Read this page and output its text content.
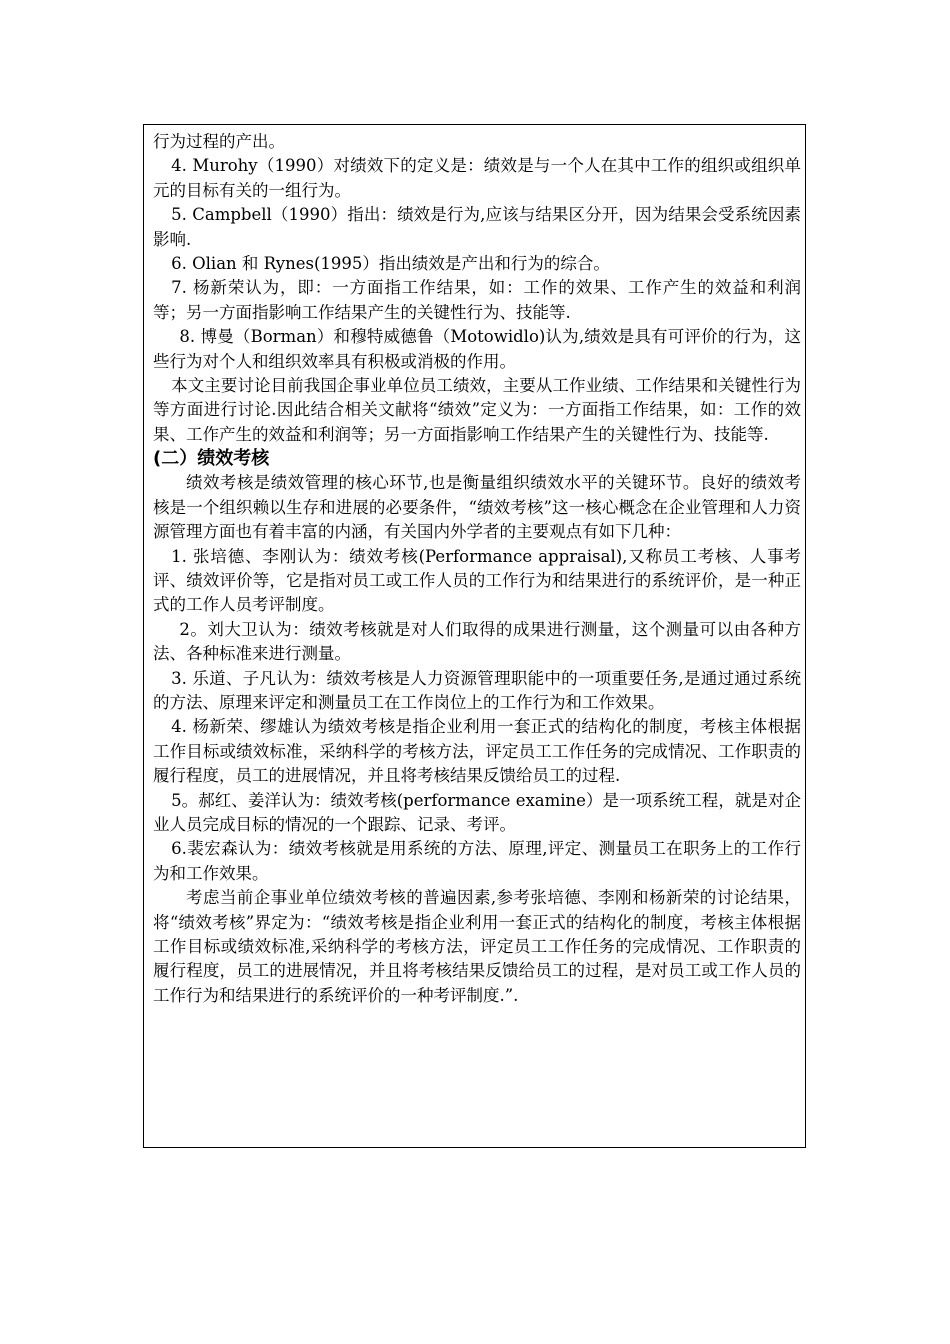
行为过程的产出。

4. Murohy（1990）对绩效下的定义是：绩效是与一个人在其中工作的组织或组织单元的目标有关的一组行为。

5. Campbell（1990）指出：绩效是行为,应该与结果区分开，因为结果会受系统因素影响.

6. Olian 和 Rynes(1995）指出绩效是产出和行为的综合。

7. 杨新荣认为，即：一方面指工作结果，如：工作的效果、工作产生的效益和利润等；另一方面指影响工作结果产生的关键性行为、技能等.

8. 博曼（Borman）和穆特威德鲁（Motowidlo)认为,绩效是具有可评价的行为，这些行为对个人和组织效率具有积极或消极的作用。

本文主要讨论目前我国企事业单位员工绩效，主要从工作业绩、工作结果和关键性行为等方面进行讨论.因此结合相关文献将“绩效”定义为：一方面指工作结果，如：工作的效果、工作产生的效益和利润等；另一方面指影响工作结果产生的关键性行为、技能等.

(二）绩效考核

绩效考核是绩效管理的核心环节,也是衡量组织绩效水平的关键环节。良好的绩效考核是一个组织赖以生存和进展的必要条件，“绩效考核”这一核心概念在企业管理和人力资源管理方面也有着丰富的内涵，有关国内外学者的主要观点有如下几种：

1. 张培德、李刚认为：绩效考核(Performance appraisal),又称员工考核、人事考评、绩效评价等，它是指对员工或工作人员的工作行为和结果进行的系统评价，是一种正式的工作人员考评制度。

2。刘大卫认为：绩效考核就是对人们取得的成果进行测量，这个测量可以由各种方法、各种标准来进行测量。

3. 乐道、子凡认为：绩效考核是人力资源管理职能中的一项重要任务,是通过通过系统的方法、原理来评定和测量员工在工作岗位上的工作行为和工作效果。

4. 杨新荣、缪雄认为绩效考核是指企业利用一套正式的结构化的制度，考核主体根据工作目标或绩效标准，采纳科学的考核方法，评定员工工作任务的完成情况、工作职责的履行程度，员工的进展情况，并且将考核结果反馈给员工的过程.

5。郝红、姜洋认为：绩效考核(performance examine）是一项系统工程，就是对企业人员完成目标的情况的一个跟踪、记录、考评。

6.裴宏森认为：绩效考核就是用系统的方法、原理,评定、测量员工在职务上的工作行为和工作效果。

考虑当前企事业单位绩效考核的普遍因素,参考张培德、李刚和杨新荣的讨论结果，将“绩效考核”界定为：“绩效考核是指企业利用一套正式的结构化的制度，考核主体根据工作目标或绩效标准,采纳科学的考核方法，评定员工工作任务的完成情况、工作职责的履行程度，员工的进展情况，并且将考核结果反馈给员工的过程，是对员工或工作人员的工作行为和结果进行的系统评价的一种考评制度.”.
